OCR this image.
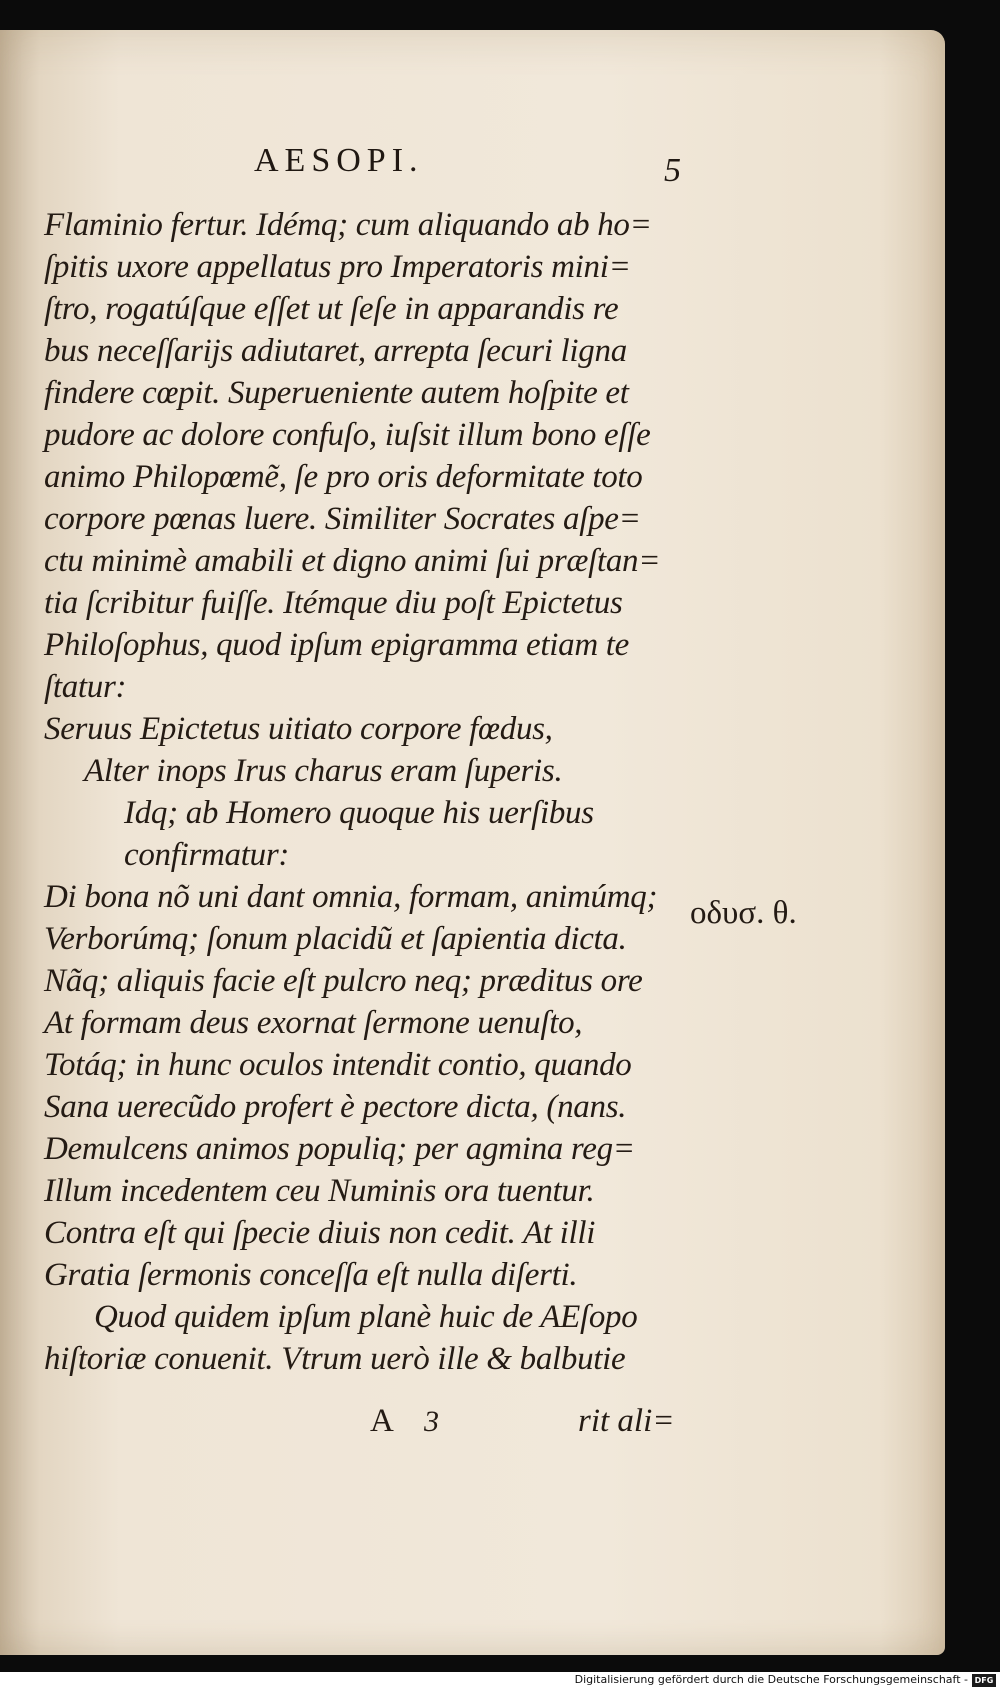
AESOPI.	5
Flaminio fertur. Idémq; cum aliquando ab ho=
ſpitis uxore appellatus pro Imperatoris mini=
ſtro, rogatúſque eſſet ut ſeſe in apparandis re
bus neceſſarijs adiutaret, arrepta ſecuri ligna
findere cœpit. Superueniente autem hoſpite et
pudore ac dolore confuſo, iuſsit illum bono eſſe
animo Philopœmẽ, ſe pro oris deformitate toto
corpore pœnas luere. Similiter Socrates aſpe=
ctu minimè amabili et digno animi ſui præſtan=
tia ſcribitur fuiſſe. Itémque diu poſt Epictetus
Philoſophus, quod ipſum epigramma etiam te
ſtatur:
Seruus Epictetus uitiato corpore fœdus,
Alter inops Irus charus eram ſuperis.
Idq; ab Homero quoque his uerſibus
confirmatur:
Di bona nõ uni dant omnia, formam, animúmq;
Verborúmq; ſonum placidũ et ſapientia dicta.
Nãq; aliquis facie eſt pulcro neq; præditus ore
At formam deus exornat ſermone uenuſto,
Totáq; in hunc oculos intendit contio, quando
Sana uerecũdo profert è pectore dicta, (nans.
Demulcens animos populiq; per agmina reg=
Illum incedentem ceu Numinis ora tuentur.
Contra eſt qui ſpecie diuis non cedit. At illi
Gratia ſermonis conceſſa eſt nulla diſerti.
Quod quidem ipſum planè huic de AEſopo
hiſtoriæ conuenit. Vtrum uerò ille & balbutie
οδυσ. θ.
A 3	rit ali=
Digitalisierung gefördert durch die Deutsche Forschungsgemeinschaft - DFG
